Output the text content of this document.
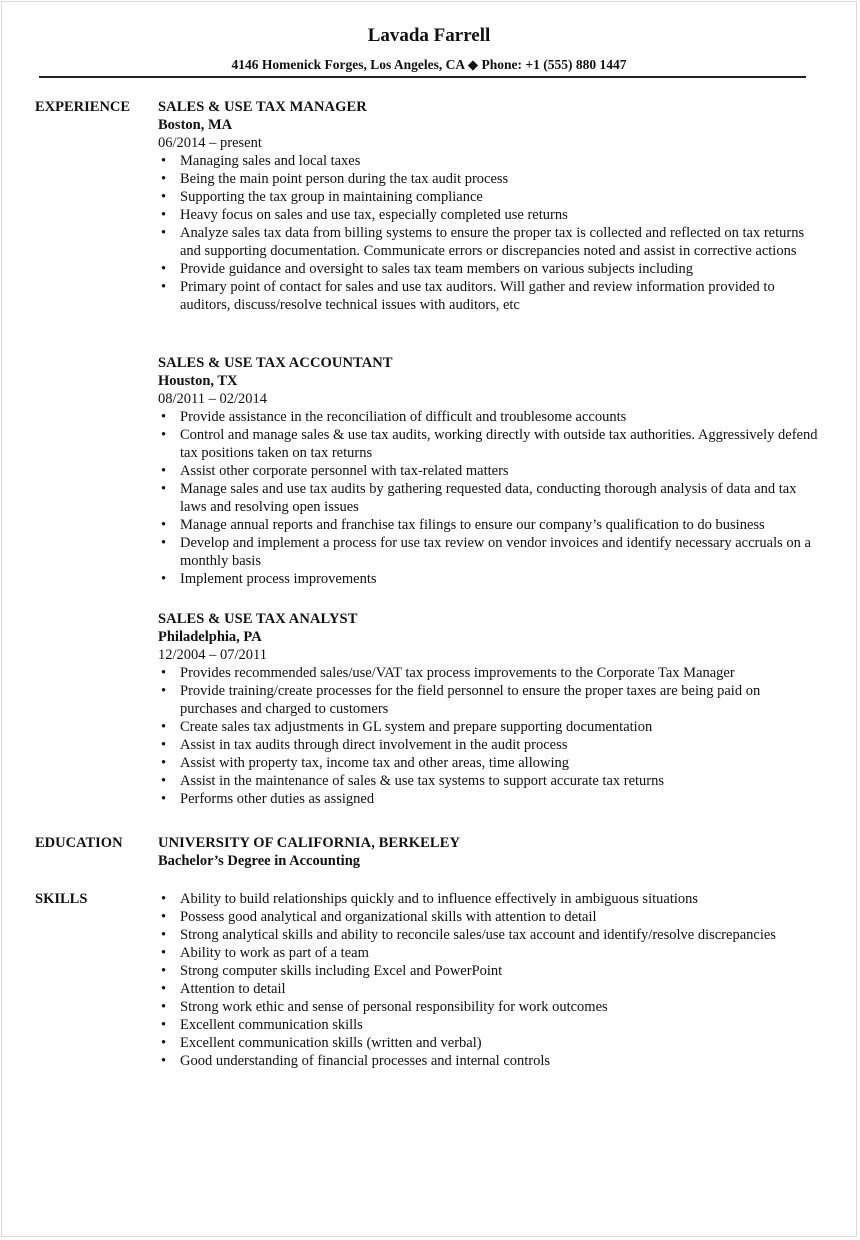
Lavada Farrell
4146 Homenick Forges, Los Angeles, CA ◆ Phone: +1 (555) 880 1447
EXPERIENCE SALES & USE TAX MANAGER
Boston, MA
06/2014 – present
• Managing sales and local taxes
• Being the main point person during the tax audit process
• Supporting the tax group in maintaining compliance
• Heavy focus on sales and use tax, especially completed use returns
• Analyze sales tax data from billing systems to ensure the proper tax is collected and reflected on tax returns and supporting documentation. Communicate errors or discrepancies noted and assist in corrective actions
• Provide guidance and oversight to sales tax team members on various subjects including
• Primary point of contact for sales and use tax auditors. Will gather and review information provided to auditors, discuss/resolve technical issues with auditors, etc
SALES & USE TAX ACCOUNTANT
Houston, TX
08/2011 – 02/2014
• Provide assistance in the reconciliation of difficult and troublesome accounts
• Control and manage sales & use tax audits, working directly with outside tax authorities. Aggressively defend tax positions taken on tax returns
• Assist other corporate personnel with tax-related matters
• Manage sales and use tax audits by gathering requested data, conducting thorough analysis of data and tax laws and resolving open issues
• Manage annual reports and franchise tax filings to ensure our company’s qualification to do business
• Develop and implement a process for use tax review on vendor invoices and identify necessary accruals on a monthly basis
• Implement process improvements
SALES & USE TAX ANALYST
Philadelphia, PA
12/2004 – 07/2011
• Provides recommended sales/use/VAT tax process improvements to the Corporate Tax Manager
• Provide training/create processes for the field personnel to ensure the proper taxes are being paid on purchases and charged to customers
• Create sales tax adjustments in GL system and prepare supporting documentation
• Assist in tax audits through direct involvement in the audit process
• Assist with property tax, income tax and other areas, time allowing
• Assist in the maintenance of sales & use tax systems to support accurate tax returns
• Performs other duties as assigned
EDUCATION UNIVERSITY OF CALIFORNIA, BERKELEY
Bachelor’s Degree in Accounting
SKILLS	• Ability to build relationships quickly and to influence effectively in ambiguous situations
• Possess good analytical and organizational skills with attention to detail
• Strong analytical skills and ability to reconcile sales/use tax account and identify/resolve discrepancies
• Ability to work as part of a team
• Strong computer skills including Excel and PowerPoint
• Attention to detail
• Strong work ethic and sense of personal responsibility for work outcomes
• Excellent communication skills
• Excellent communication skills (written and verbal)
• Good understanding of financial processes and internal controls
